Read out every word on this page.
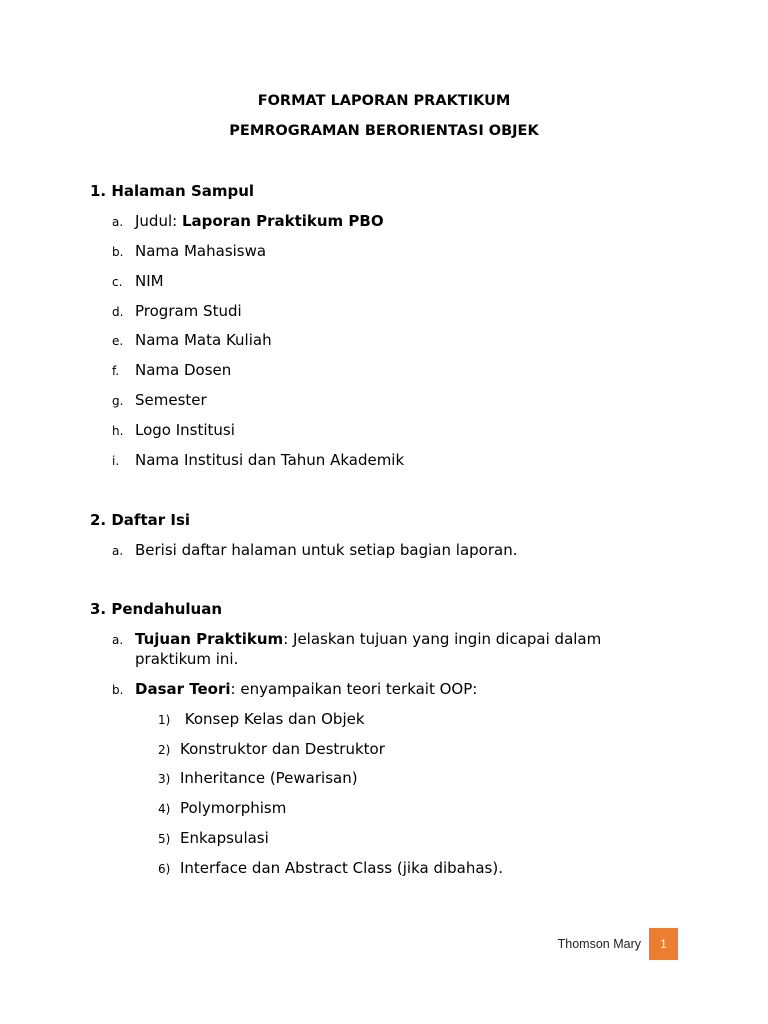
FORMAT LAPORAN PRAKTIKUM
PEMROGRAMAN BERORIENTASI OBJEK
1. Halaman Sampul
a. Judul: Laporan Praktikum PBO
b. Nama Mahasiswa
c. NIM
d. Program Studi
e. Nama Mata Kuliah
f. Nama Dosen
g. Semester
h. Logo Institusi
i. Nama Institusi dan Tahun Akademik
2. Daftar Isi
a. Berisi daftar halaman untuk setiap bagian laporan.
3. Pendahuluan
a. Tujuan Praktikum: Jelaskan tujuan yang ingin dicapai dalam praktikum ini.
b. Dasar Teori: enyampaikan teori terkait OOP:
1) Konsep Kelas dan Objek
2) Konstruktor dan Destruktor
3) Inheritance (Pewarisan)
4) Polymorphism
5) Enkapsulasi
6) Interface dan Abstract Class (jika dibahas).
Thomson Mary	1
